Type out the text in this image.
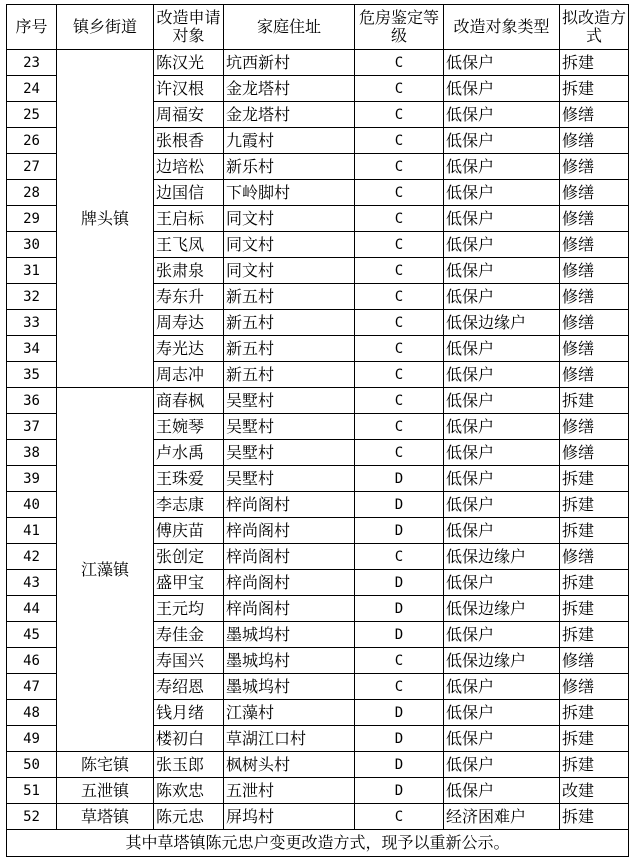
序号	镇乡街道	改造申请对象	家庭住址	危房鉴定等级	改造对象类型	拟改造方式
23	牌头镇	陈汉光	坑西新村	C	低保户	拆建
24		许汉根	金龙塔村	C	低保户	拆建
25		周福安	金龙塔村	C	低保户	修缮
26		张根香	九霞村	C	低保户	修缮
27		边培松	新乐村	C	低保户	修缮
28		边国信	下岭脚村	C	低保户	修缮
29		王启标	同文村	C	低保户	修缮
30		王飞凤	同文村	C	低保户	修缮
31		张肃泉	同文村	C	低保户	修缮
32		寿东升	新五村	C	低保户	修缮
33		周寿达	新五村	C	低保边缘户	修缮
34		寿光达	新五村	C	低保户	修缮
35		周志冲	新五村	C	低保户	修缮
36	江藻镇	商春枫	吴墅村	C	低保户	拆建
37		王婉琴	吴墅村	C	低保户	修缮
38		卢水禹	吴墅村	C	低保户	修缮
39		王珠爱	吴墅村	D	低保户	拆建
40		李志康	梓尚阁村	D	低保户	拆建
41		傅庆苗	梓尚阁村	D	低保户	拆建
42		张创定	梓尚阁村	C	低保边缘户	修缮
43		盛甲宝	梓尚阁村	D	低保户	拆建
44		王元均	梓尚阁村	D	低保边缘户	拆建
45		寿佳金	墨城坞村	D	低保户	拆建
46		寿国兴	墨城坞村	C	低保边缘户	修缮
47		寿绍恩	墨城坞村	C	低保户	修缮
48		钱月绪	江藻村	D	低保户	拆建
49		楼初白	草湖江口村	D	低保户	拆建
50	陈宅镇	张玉郎	枫树头村	D	低保户	拆建
51	五泄镇	陈欢忠	五泄村	D	低保户	改建
52	草塔镇	陈元忠	屏坞村	C	经济困难户	拆建
其中草塔镇陈元忠户变更改造方式，现予以重新公示。						
